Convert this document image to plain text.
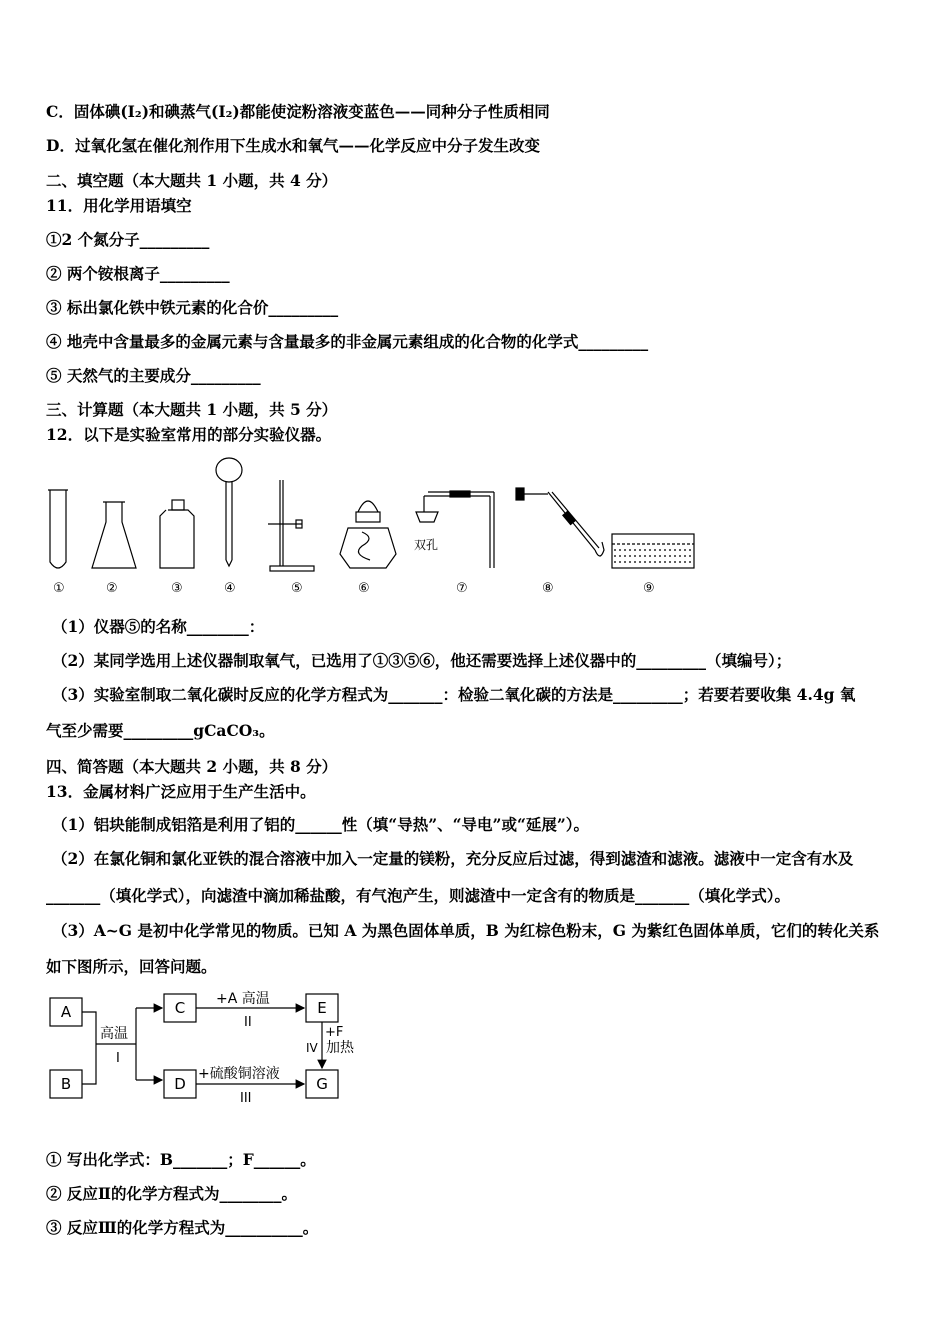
C．固体碘(I₂)和碘蒸气(I₂)都能使淀粉溶液变蓝色——同种分子性质相同
D．过氧化氢在催化剂作用下生成水和氧气——化学反应中分子发生改变
二、填空题（本大题共 1 小题，共 4 分）
11．用化学用语填空
①2 个氮分子_________
② 两个铵根离子_________
③ 标出氯化铁中铁元素的化合价_________
④ 地壳中含量最多的金属元素与含量最多的非金属元素组成的化合物的化学式_________
⑤ 天然气的主要成分_________
三、计算题（本大题共 1 小题，共 5 分）
12．以下是实验室常用的部分实验仪器。
双孔
①	②	③	④	⑤	⑥	⑦	⑧	⑨
（1）仪器⑤的名称________：
（2）某同学选用上述仪器制取氧气，已选用了①③⑤⑥，他还需要选择上述仪器中的_________（填编号）；
（3）实验室制取二氧化碳时反应的化学方程式为_______：检验二氧化碳的方法是_________；若要若要收集 4.4g 氧
气至少需要_________gCaCO₃。
四、简答题（本大题共 2 小题，共 8 分）
13．金属材料广泛应用于生产生活中。
（1）铝块能制成铝箔是利用了铝的______性（填“导热”、“导电”或“延展”）。
（2）在氯化铜和氯化亚铁的混合溶液中加入一定量的镁粉，充分反应后过滤，得到滤渣和滤液。滤液中一定含有水及
_______（填化学式），向滤渣中滴加稀盐酸，有气泡产生，则滤渣中一定含有的物质是_______（填化学式）。
（3）A~G 是初中化学常见的物质。已知 A 为黑色固体单质，B 为红棕色粉末，G 为紫红色固体单质，它们的转化关系
如下图所示，回答问题。
A
B
C
D
E
G
高温
I
+A 高温
II
+F
加热
IV
+硫酸铜溶液
III
① 写出化学式：B_______；F______。
② 反应Ⅱ的化学方程式为________。
③ 反应Ⅲ的化学方程式为__________。
